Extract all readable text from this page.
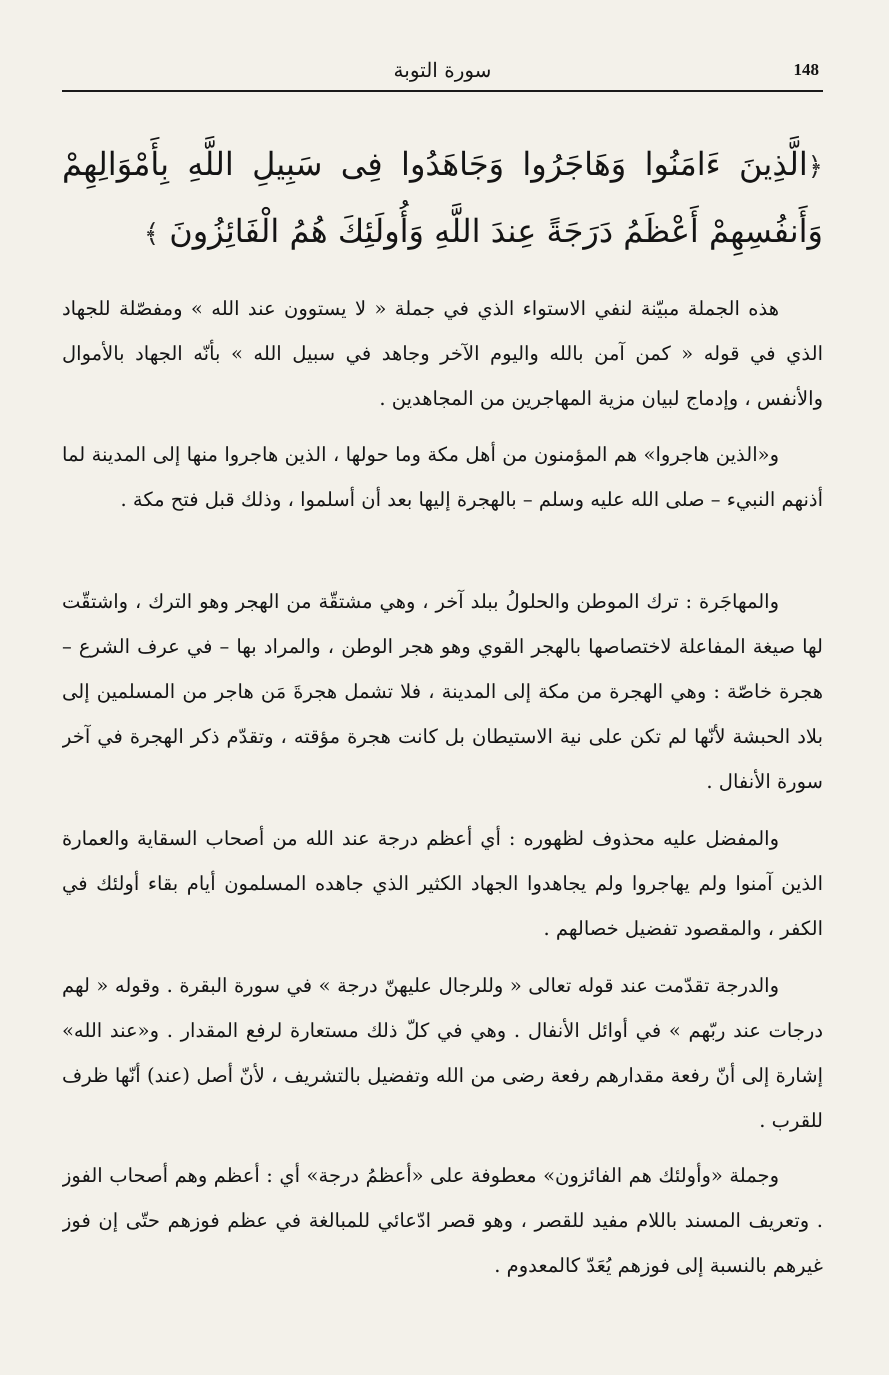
148
سورة التوبة
﴿الَّذِينَ ءَامَنُوا وَهَاجَرُوا وَجَاهَدُوا فِى سَبِيلِ اللَّهِ بِأَمْوَالِهِمْ وَأَنفُسِهِمْ أَعْظَمُ دَرَجَةً عِندَ اللَّهِ وَأُولَئِكَ هُمُ الْفَائِزُونَ ﴾

هذه الجملة مبيّنة لنفي الاستواء الذي في جملة « لا يستوون عند الله » ومفصّلة للجهاد الذي في قوله « كمن آمن بالله واليوم الآخر وجاهد في سبيل الله » بأنّه الجهاد بالأموال والأنفس ، وإدماج لبيان مزية المهاجرين من المجاهدين .

و«الذين هاجروا» هم المؤمنون من أهل مكة وما حولها ، الذين هاجروا منها إلى المدينة لما أذنهم النبيء – صلى الله عليه وسلم – بالهجرة إليها بعد أن أسلموا ، وذلك قبل فتح مكة .

والمهاجَرة : ترك الموطن والحلولُ ببلد آخر ، وهي مشتقّة من الهجر وهو الترك ، واشتقّت لها صيغة المفاعلة لاختصاصها بالهجر القوي وهو هجر الوطن ، والمراد بها – في عرف الشرع – هجرة خاصّة : وهي الهجرة من مكة إلى المدينة ، فلا تشمل هجرةَ مَن هاجر من المسلمين إلى بلاد الحبشة لأنّها لم تكن على نية الاستيطان بل كانت هجرة مؤقته ، وتقدّم ذكر الهجرة في آخر سورة الأنفال .

والمفضل عليه محذوف لظهوره : أي أعظم درجة عند الله من أصحاب السقاية والعمارة الذين آمنوا ولم يهاجروا ولم يجاهدوا الجهاد الكثير الذي جاهده المسلمون أيام بقاء أولئك في الكفر ، والمقصود تفضيل خصالهم .

والدرجة تقدّمت عند قوله تعالى « وللرجال عليهنّ درجة » في سورة البقرة . وقوله « لهم درجات عند ربّهم » في أوائل الأنفال . وهي في كلّ ذلك مستعارة لرفع المقدار . و«عند الله» إشارة إلى أنّ رفعة مقدارهم رفعة رضى من الله وتفضيل بالتشريف ، لأنّ أصل (عند) أنّها ظرف للقرب .

وجملة «وأولئك هم الفائزون» معطوفة على «أعظمُ درجة» أي : أعظم وهم أصحاب الفوز . وتعريف المسند باللام مفيد للقصر ، وهو قصر ادّعائي للمبالغة في عظم فوزهم حتّى إن فوز غيرهم بالنسبة إلى فوزهم يُعَدّ كالمعدوم .
